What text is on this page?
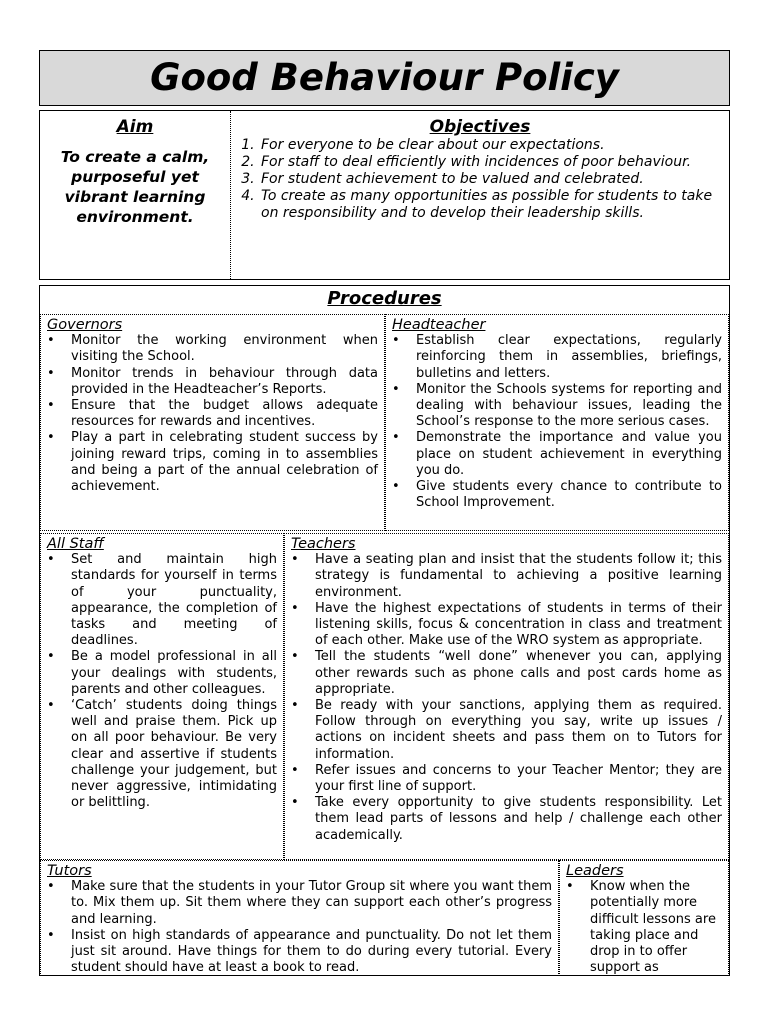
Good Behaviour Policy
Aim

To create a calm, purposeful yet vibrant learning environment.

Objectives
1. For everyone to be clear about our expectations.
2. For staff to deal efficiently with incidences of poor behaviour.
3. For student achievement to be valued and celebrated.
4. To create as many opportunities as possible for students to take on responsibility and to develop their leadership skills.
Procedures
Governors
• Monitor the working environment when visiting the School.
• Monitor trends in behaviour through data provided in the Headteacher’s Reports.
• Ensure that the budget allows adequate resources for rewards and incentives.
• Play a part in celebrating student success by joining reward trips, coming in to assemblies and being a part of the annual celebration of achievement.
Headteacher
• Establish clear expectations, regularly reinforcing them in assemblies, briefings, bulletins and letters.
• Monitor the Schools systems for reporting and dealing with behaviour issues, leading the School’s response to the more serious cases.
• Demonstrate the importance and value you place on student achievement in everything you do.
• Give students every chance to contribute to School Improvement.
All Staff
• Set and maintain high standards for yourself in terms of your punctuality, appearance, the completion of tasks and meeting of deadlines.
• Be a model professional in all your dealings with students, parents and other colleagues.
• ‘Catch’ students doing things well and praise them. Pick up on all poor behaviour. Be very clear and assertive if students challenge your judgement, but never aggressive, intimidating or belittling.
Teachers
• Have a seating plan and insist that the students follow it; this strategy is fundamental to achieving a positive learning environment.
• Have the highest expectations of students in terms of their listening skills, focus & concentration in class and treatment of each other. Make use of the WRO system as appropriate.
• Tell the students “well done” whenever you can, applying other rewards such as phone calls and post cards home as appropriate.
• Be ready with your sanctions, applying them as required. Follow through on everything you say, write up issues / actions on incident sheets and pass them on to Tutors for information.
• Refer issues and concerns to your Teacher Mentor; they are your first line of support.
• Take every opportunity to give students responsibility. Let them lead parts of lessons and help / challenge each other academically.
Tutors
• Make sure that the students in your Tutor Group sit where you want them to. Mix them up. Sit them where they can support each other’s progress and learning.
• Insist on high standards of appearance and punctuality. Do not let them just sit around. Have things for them to do during every tutorial. Every student should have at least a book to read.
Leaders
• Know when the potentially more difficult lessons are taking place and drop in to offer support as
